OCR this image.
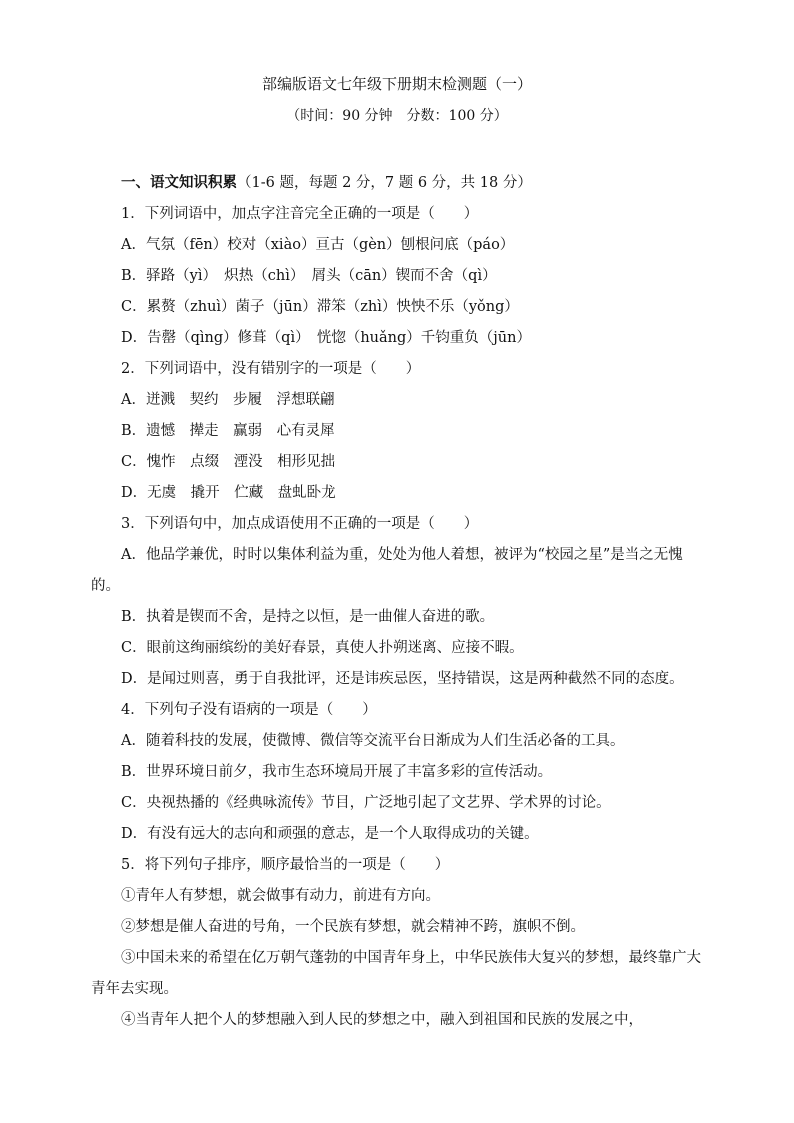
部编版语文七年级下册期末检测题（一）
（时间：90 分钟　分数：100 分）
一、语文知识积累（1-6 题，每题 2 分，7 题 6 分，共 18 分）
1．下列词语中，加点字注音完全正确的一项是（　　）
A．气氛（fēn）校对（xiào）亘古（gèn）刨根问底（páo）
B．驿路（yì）　炽热（chì）　屑头（cān）锲而不舍（qì）
C．累赘（zhuì）菌子（jūn）滞笨（zhì）怏怏不乐（yǒng）
D．告罄（qìng）修葺（qì）　恍惚（huǎng）千钧重负（jūn）
2．下列词语中，没有错别字的一项是（　　）
A．迸溅　契约　步履　浮想联翩
B．遗憾　撵走　赢弱　心有灵犀
C．愧怍　点缀　湮没　相形见拙
D．无虞　撬开　伫藏　盘虬卧龙
3．下列语句中，加点成语使用不正确的一项是（　　）
A．他品学兼优，时时以集体利益为重，处处为他人着想，被评为“校园之星”是当之无愧的。
B．执着是锲而不舍，是持之以恒，是一曲催人奋进的歌。
C．眼前这绚丽缤纷的美好春景，真使人扑朔迷离、应接不暇。
D．是闻过则喜，勇于自我批评，还是讳疾忌医，坚持错误，这是两种截然不同的态度。
4．下列句子没有语病的一项是（　　）
A．随着科技的发展，使微博、微信等交流平台日渐成为人们生活必备的工具。
B．世界环境日前夕，我市生态环境局开展了丰富多彩的宣传活动。
C．央视热播的《经典咏流传》节目，广泛地引起了文艺界、学术界的讨论。
D．有没有远大的志向和顽强的意志，是一个人取得成功的关键。
5．将下列句子排序，顺序最恰当的一项是（　　）
①青年人有梦想，就会做事有动力，前进有方向。
②梦想是催人奋进的号角，一个民族有梦想，就会精神不跨，旗帜不倒。
③中国未来的希望在亿万朝气蓬勃的中国青年身上，中华民族伟大复兴的梦想，最终靠广大青年去实现。
④当青年人把个人的梦想融入到人民的梦想之中，融入到祖国和民族的发展之中，
